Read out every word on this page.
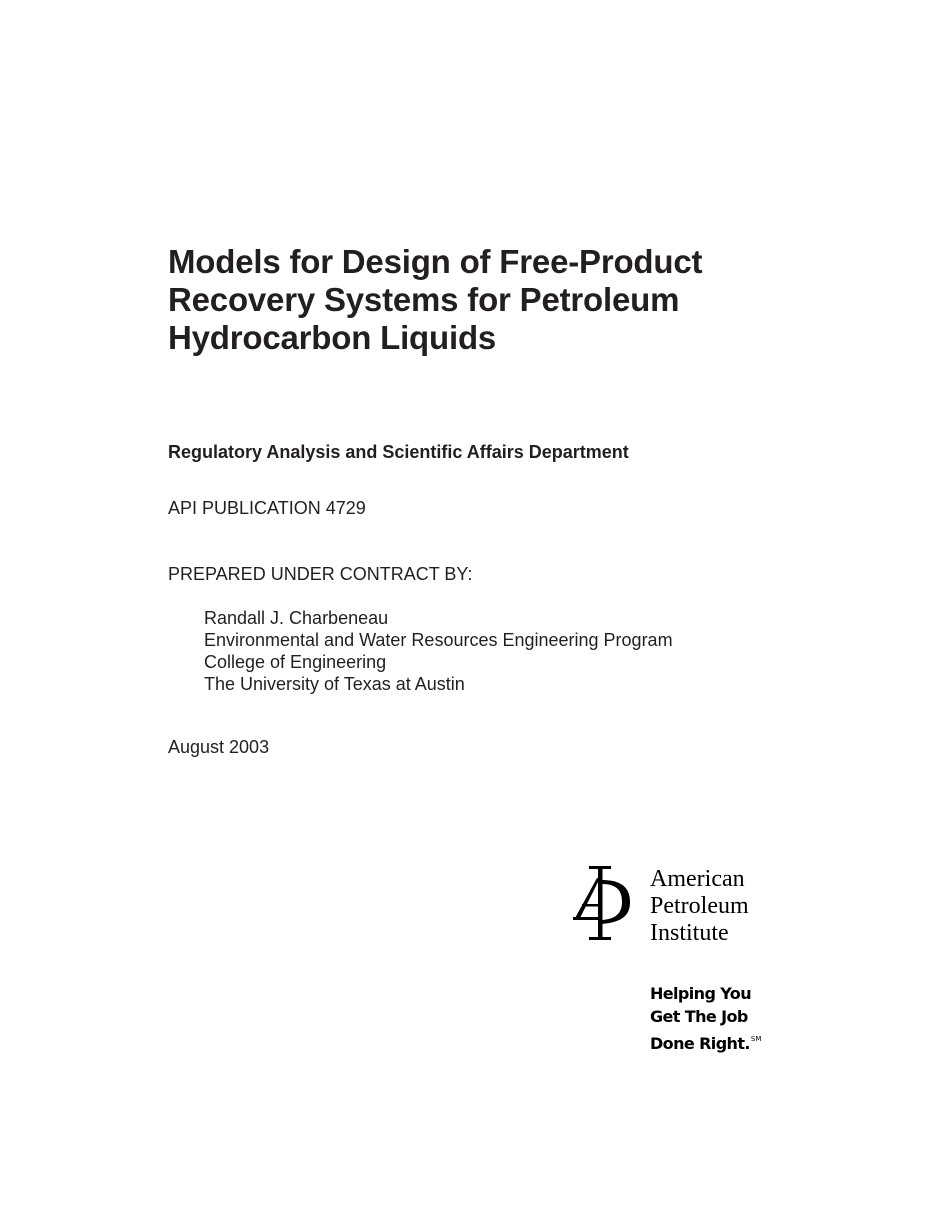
Models for Design of Free-Product
Recovery Systems for Petroleum
Hydrocarbon Liquids
Regulatory Analysis and Scientific Affairs Department
API PUBLICATION 4729
PREPARED UNDER CONTRACT BY:
Randall J. Charbeneau
Environmental and Water Resources Engineering Program
College of Engineering
The University of Texas at Austin
August 2003
American
Petroleum
Institute
Helping You
Get The Job
Done Right.℠
